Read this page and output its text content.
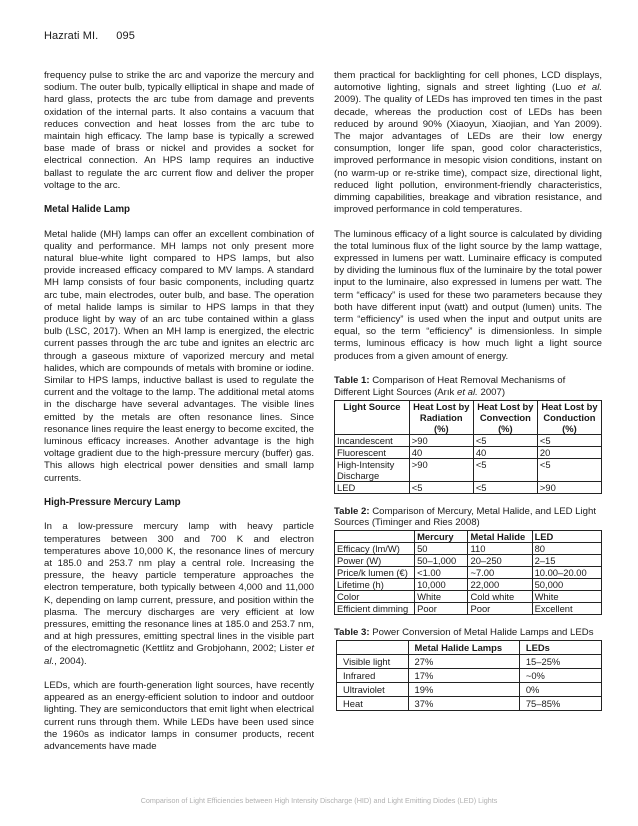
Hazrati MI. 095

frequency pulse to strike the arc and vaporize the mercury and sodium. The outer bulb, typically elliptical in shape and made of hard glass, protects the arc tube from damage and prevents oxidation of the internal parts. It also contains a vacuum that reduces convection and heat losses from the arc tube to maintain high efficacy. The lamp base is typically a screwed base made of brass or nickel and provides a socket for electrical connection. An HPS lamp requires an inductive ballast to regulate the arc current flow and deliver the proper voltage to the arc.

Metal Halide Lamp

Metal halide (MH) lamps can offer an excellent combination of quality and performance. MH lamps not only present more natural blue-white light compared to HPS lamps, but also provide increased efficacy compared to MV lamps. A standard MH lamp consists of four basic components, including quartz arc tube, main electrodes, outer bulb, and base. The operation of metal halide lamps is similar to HPS lamps in that they produce light by way of an arc tube contained within a glass bulb (LSC, 2017). When an MH lamp is energized, the electric current passes through the arc tube and ignites an electric arc through a gaseous mixture of vaporized mercury and metal halides, which are compounds of metals with bromine or iodine. Similar to HPS lamps, inductive ballast is used to regulate the current and the voltage to the lamp. The additional metal atoms in the discharge have several advantages. The visible lines emitted by the metals are often resonance lines. Since resonance lines require the least energy to become excited, the luminous efficacy increases. Another advantage is the high voltage gradient due to the high-pressure mercury (buffer) gas. This allows high electrical power densities and small lamp currents.

High-Pressure Mercury Lamp

In a low-pressure mercury lamp with heavy particle temperatures between 300 and 700 K and electron temperatures above 10,000 K, the resonance lines of mercury at 185.0 and 253.7 nm play a central role. Increasing the pressure, the heavy particle temperature approaches the electron temperature, both typically between 4,000 and 11,000 K, depending on lamp current, pressure, and position within the plasma. The mercury discharges are very efficient at low pressures, emitting the resonance lines at 185.0 and 253.7 nm, and at high pressures, emitting spectral lines in the visible part of the electromagnetic (Kettlitz and Grobjohann, 2002; Lister et al., 2004).

LEDs, which are fourth-generation light sources, have recently appeared as an energy-efficient solution to indoor and outdoor lighting. They are semiconductors that emit light when electrical current runs through them. While LEDs have been used since the 1960s as indicator lamps in consumer products, recent advancements have made

them practical for backlighting for cell phones, LCD displays, automotive lighting, signals and street lighting (Luo et al. 2009). The quality of LEDs has improved ten times in the past decade, whereas the production cost of LEDs has been reduced by around 90% (Xiaoyun, Xiaojian, and Yan 2009). The major advantages of LEDs are their low energy consumption, longer life span, good color characteristics, improved performance in mesopic vision conditions, instant on (no warm-up or re-strike time), compact size, directional light, reduced light pollution, environment-friendly characteristics, dimming capabilities, breakage and vibration resistance, and improved performance in cold temperatures.

The luminous efficacy of a light source is calculated by dividing the total luminous flux of the light source by the lamp wattage, expressed in lumens per watt. Luminaire efficacy is computed by dividing the luminous flux of the luminaire by the total power input to the luminaire, also expressed in lumens per watt. The term “efficacy” is used for these two parameters because they both have different input (watt) and output (lumen) units. The term “efficiency” is used when the input and output units are equal, so the term “efficiency” is dimensionless. In simple terms, luminous efficacy is how much light a light source produces from a given amount of energy.

Table 1: Comparison of Heat Removal Mechanisms of Different Light Sources (Arık et al. 2007)
Light Source	Heat Lost by Radiation (%)	Heat Lost by Convection (%)	Heat Lost by Conduction (%)
Incandescent	>90	<5	<5
Fluorescent	40	40	20
High-Intensity Discharge	>90	<5	<5
LED	<5	<5	>90
Table 2: Comparison of Mercury, Metal Halide, and LED Light Sources (Timinger and Ries 2008)
	Mercury	Metal Halide	LED
Efficacy (lm/W)	50	110	80
Power (W)	50–1,000	20–250	2–15
Price/k lumen (€)	<1.00	~7.00	10.00–20.00
Lifetime (h)	10,000	22,000	50,000
Color	White	Cold white	White
Efficient dimming	Poor	Poor	Excellent
Table 3: Power Conversion of Metal Halide Lamps and LEDs
	Metal Halide Lamps	LEDs
Visible light	27%	15–25%
Infrared	17%	~0%
Ultraviolet	19%	0%
Heat	37%	75–85%
Comparison of Light Efficiencies between High Intensity Discharge (HID) and Light Emitting Diodes (LED) Lights
